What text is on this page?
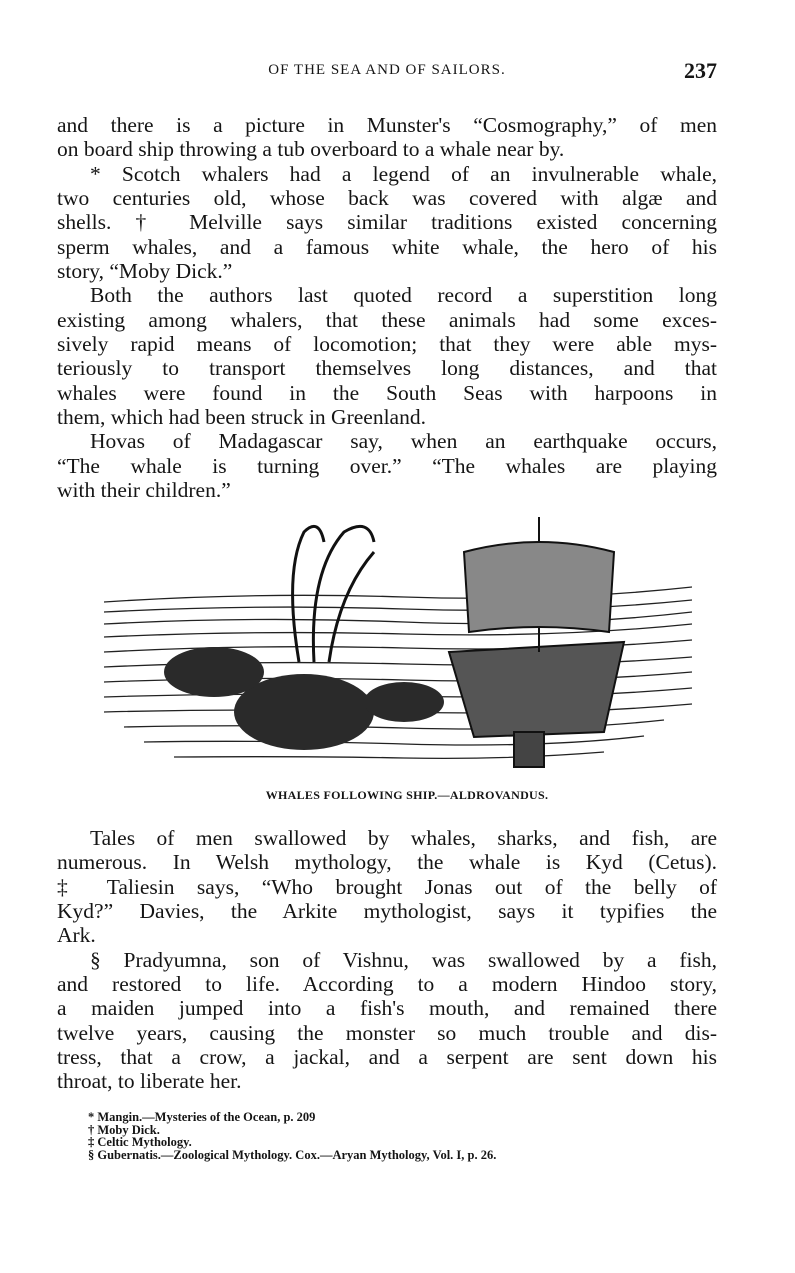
OF THE SEA AND OF SAILORS.	237
and there is a picture in Munster's “Cosmography,” of men
on board ship throwing a tub overboard to a whale near by.
* Scotch whalers had a legend of an invulnerable whale,
two centuries old, whose back was covered with algæ and
shells. † Melville says similar traditions existed concerning
sperm whales, and a famous white whale, the hero of his
story, “Moby Dick.”
Both the authors last quoted record a superstition long
existing among whalers, that these animals had some exces-
sively rapid means of locomotion; that they were able mys-
teriously to transport themselves long distances, and that
whales were found in the South Seas with harpoons in
them, which had been struck in Greenland.
Hovas of Madagascar say, when an earthquake occurs,
“The whale is turning over.” “The whales are playing
with their children.”
WHALES FOLLOWING SHIP.—ALDROVANDUS.
Tales of men swallowed by whales, sharks, and fish, are
numerous. In Welsh mythology, the whale is Kyd (Cetus).
‡ Taliesin says, “Who brought Jonas out of the belly of
Kyd?” Davies, the Arkite mythologist, says it typifies the
Ark.
§ Pradyumna, son of Vishnu, was swallowed by a fish,
and restored to life. According to a modern Hindoo story,
a maiden jumped into a fish's mouth, and remained there
twelve years, causing the monster so much trouble and dis-
tress, that a crow, a jackal, and a serpent are sent down his
throat, to liberate her.
* Mangin.—Mysteries of the Ocean, p. 209
† Moby Dick.
‡ Celtic Mythology.
§ Gubernatis.—Zoological Mythology. Cox.—Aryan Mythology, Vol. I, p. 26.
